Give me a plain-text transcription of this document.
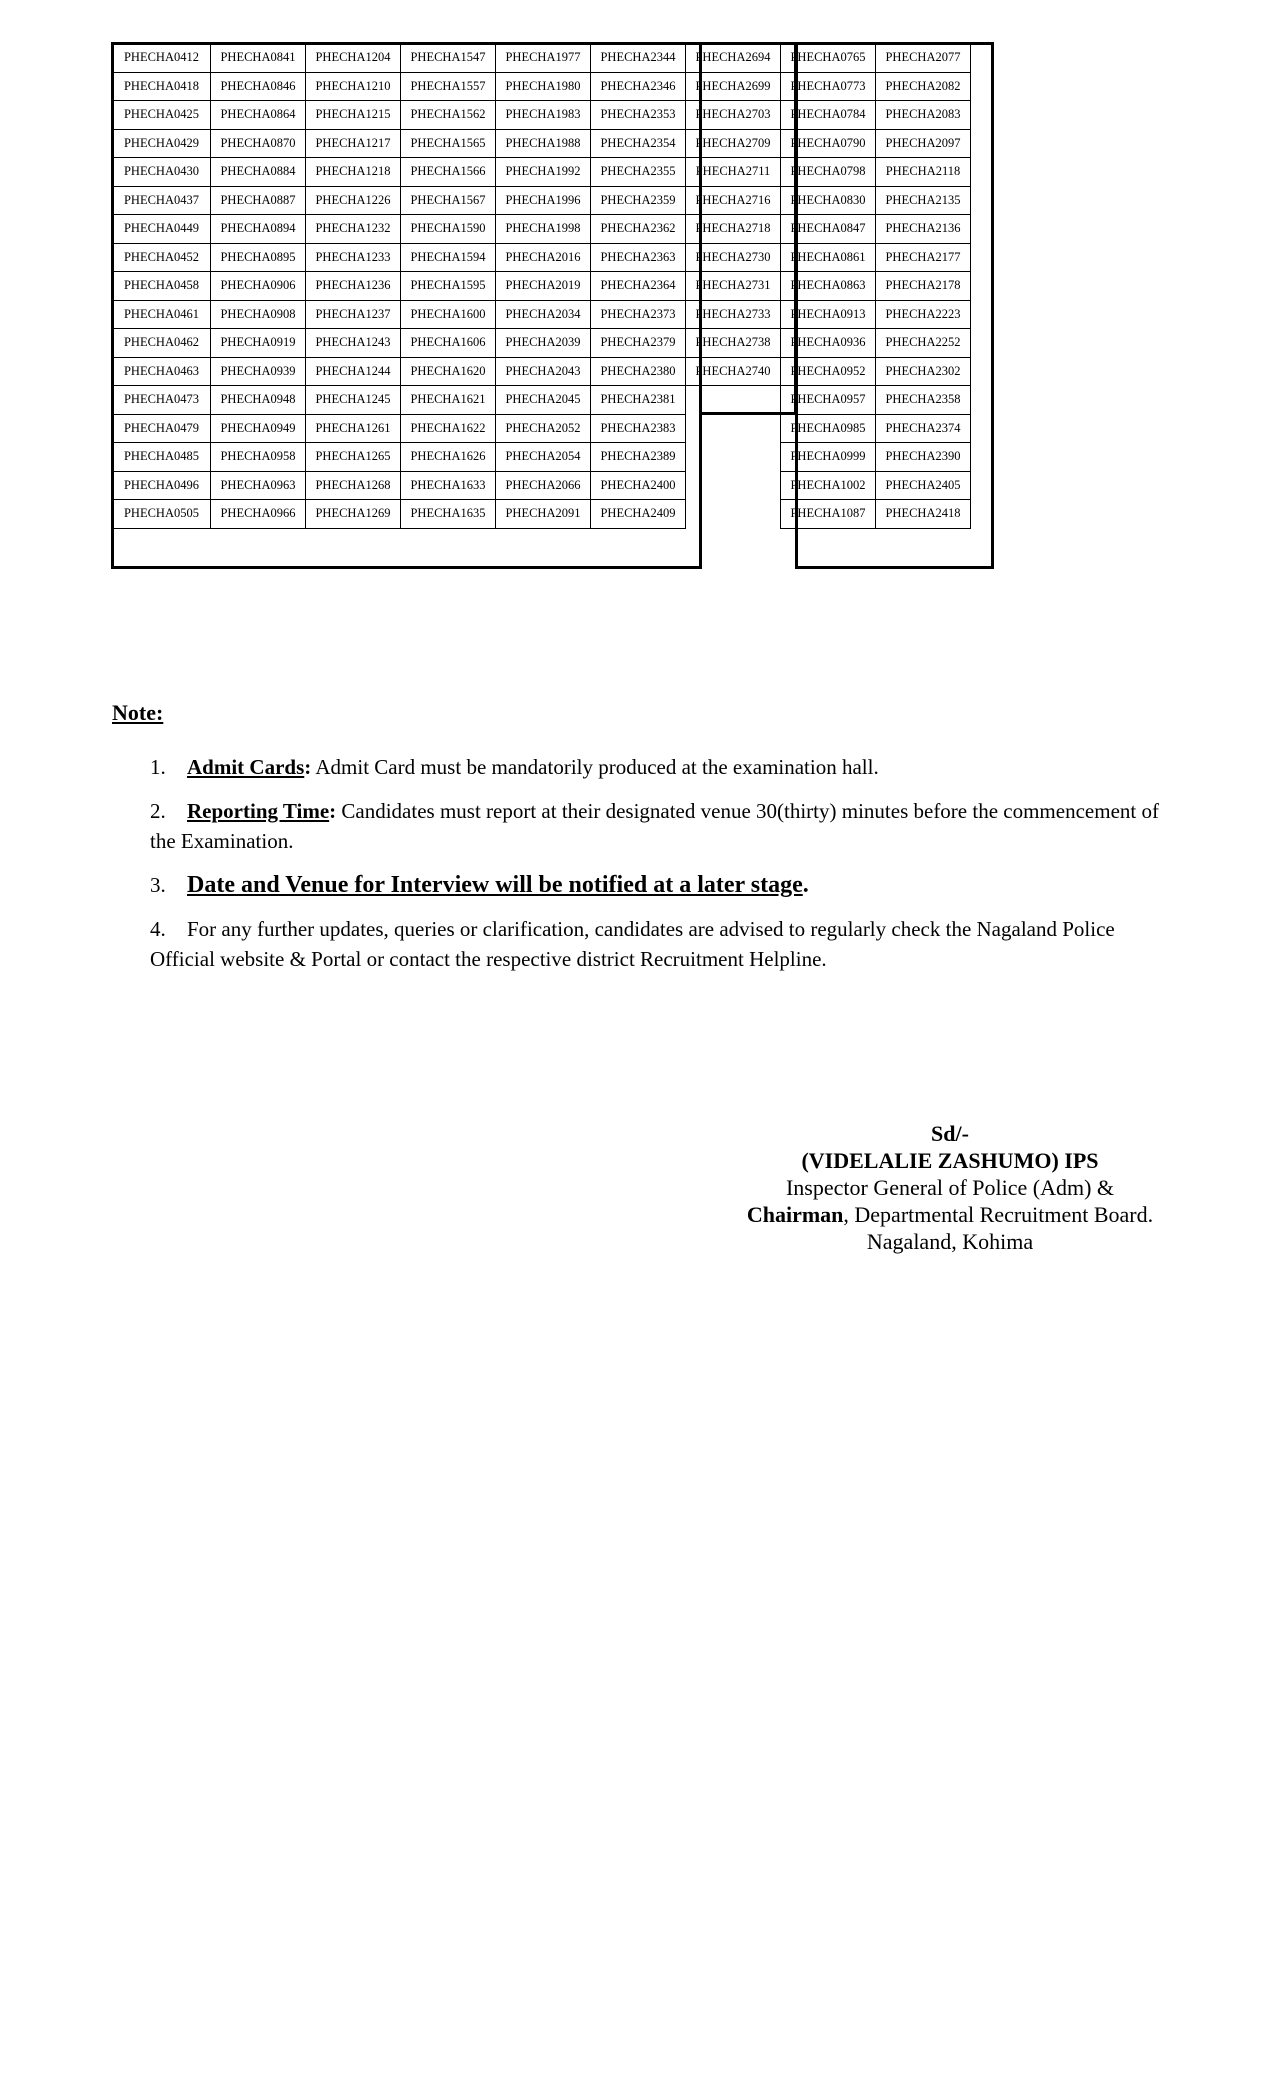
PHECHA0412	PHECHA0841	PHECHA1204	PHECHA1547	PHECHA1977	PHECHA2344	PHECHA2694	PHECHA0765	PHECHA2077
PHECHA0418	PHECHA0846	PHECHA1210	PHECHA1557	PHECHA1980	PHECHA2346	PHECHA2699	PHECHA0773	PHECHA2082
PHECHA0425	PHECHA0864	PHECHA1215	PHECHA1562	PHECHA1983	PHECHA2353	PHECHA2703	PHECHA0784	PHECHA2083
PHECHA0429	PHECHA0870	PHECHA1217	PHECHA1565	PHECHA1988	PHECHA2354	PHECHA2709	PHECHA0790	PHECHA2097
PHECHA0430	PHECHA0884	PHECHA1218	PHECHA1566	PHECHA1992	PHECHA2355	PHECHA2711	PHECHA0798	PHECHA2118
PHECHA0437	PHECHA0887	PHECHA1226	PHECHA1567	PHECHA1996	PHECHA2359	PHECHA2716	PHECHA0830	PHECHA2135
PHECHA0449	PHECHA0894	PHECHA1232	PHECHA1590	PHECHA1998	PHECHA2362	PHECHA2718	PHECHA0847	PHECHA2136
PHECHA0452	PHECHA0895	PHECHA1233	PHECHA1594	PHECHA2016	PHECHA2363	PHECHA2730	PHECHA0861	PHECHA2177
PHECHA0458	PHECHA0906	PHECHA1236	PHECHA1595	PHECHA2019	PHECHA2364	PHECHA2731	PHECHA0863	PHECHA2178
PHECHA0461	PHECHA0908	PHECHA1237	PHECHA1600	PHECHA2034	PHECHA2373	PHECHA2733	PHECHA0913	PHECHA2223
PHECHA0462	PHECHA0919	PHECHA1243	PHECHA1606	PHECHA2039	PHECHA2379	PHECHA2738	PHECHA0936	PHECHA2252
PHECHA0463	PHECHA0939	PHECHA1244	PHECHA1620	PHECHA2043	PHECHA2380	PHECHA2740	PHECHA0952	PHECHA2302
PHECHA0473	PHECHA0948	PHECHA1245	PHECHA1621	PHECHA2045	PHECHA2381		PHECHA0957	PHECHA2358
PHECHA0479	PHECHA0949	PHECHA1261	PHECHA1622	PHECHA2052	PHECHA2383		PHECHA0985	PHECHA2374
PHECHA0485	PHECHA0958	PHECHA1265	PHECHA1626	PHECHA2054	PHECHA2389		PHECHA0999	PHECHA2390
PHECHA0496	PHECHA0963	PHECHA1268	PHECHA1633	PHECHA2066	PHECHA2400		PHECHA1002	PHECHA2405
PHECHA0505	PHECHA0966	PHECHA1269	PHECHA1635	PHECHA2091	PHECHA2409		PHECHA1087	PHECHA2418
Note:
1.	Admit Cards: Admit Card must be mandatorily produced at the examination hall.
2.	Reporting Time: Candidates must report at their designated venue 30(thirty) minutes before the commencement of the Examination.
3. Date and Venue for Interview will be notified at a later stage.
4.	For any further updates, queries or clarification, candidates are advised to regularly check the Nagaland Police Official website & Portal or contact the respective district Recruitment Helpline.
Sd/-
(VIDELALIE ZASHUMO) IPS
Inspector General of Police (Adm) &
Chairman, Departmental Recruitment Board.
Nagaland, Kohima
